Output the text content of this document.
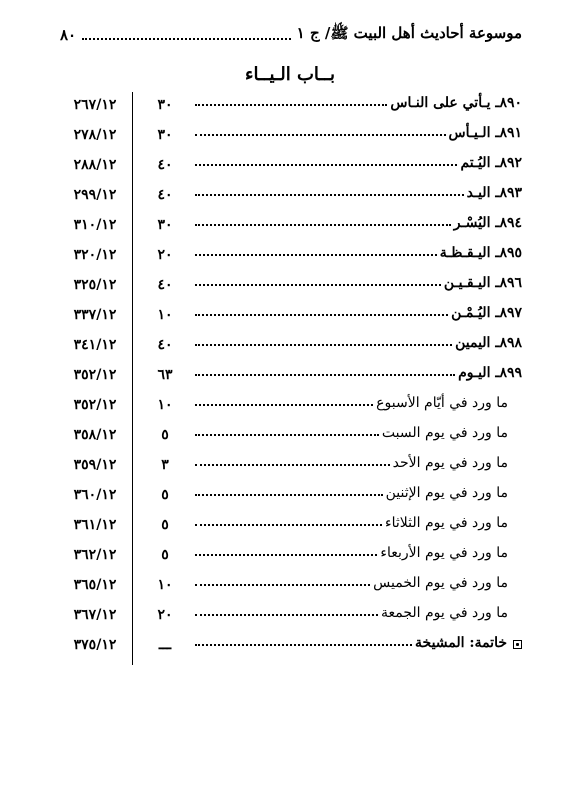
موسوعة أحاديث أهل البيت ﷺ/ ج ١
٨٠
بــاب الـيــاء
٨٩٠ـ يـأتي على النـاس
٣٠
٢٦٧/١٢
٨٩١ـ الـيـأس
٣٠
٢٧٨/١٢
٨٩٢ـ اليُـتم
٤٠
٢٨٨/١٢
٨٩٣ـ اليـد
٤٠
٢٩٩/١٢
٨٩٤ـ اليُسْـر
٣٠
٣١٠/١٢
٨٩٥ـ اليـقـظـة
٢٠
٣٢٠/١٢
٨٩٦ـ اليـقـيـن
٤٠
٣٢٥/١٢
٨٩٧ـ اليُـمْـن
١٠
٣٣٧/١٢
٨٩٨ـ اليمين
٤٠
٣٤١/١٢
٨٩٩ـ اليـوم
٦٣
٣٥٢/١٢
ما ورد في أيّام الأسبوع
١٠
٣٥٢/١٢
ما ورد في يوم السبت
٥
٣٥٨/١٢
ما ورد في يوم الأحد
٣
٣٥٩/١٢
ما ورد في يوم الإثنين
٥
٣٦٠/١٢
ما ورد في يوم الثلاثاء
٥
٣٦١/١٢
ما ورد في يوم الأربعاء
٥
٣٦٢/١٢
ما ورد في يوم الخميس
١٠
٣٦٥/١٢
ما ورد في يوم الجمعة
٢٠
٣٦٧/١٢
خاتمة: المشيخة
ـــ
٣٧٥/١٢
